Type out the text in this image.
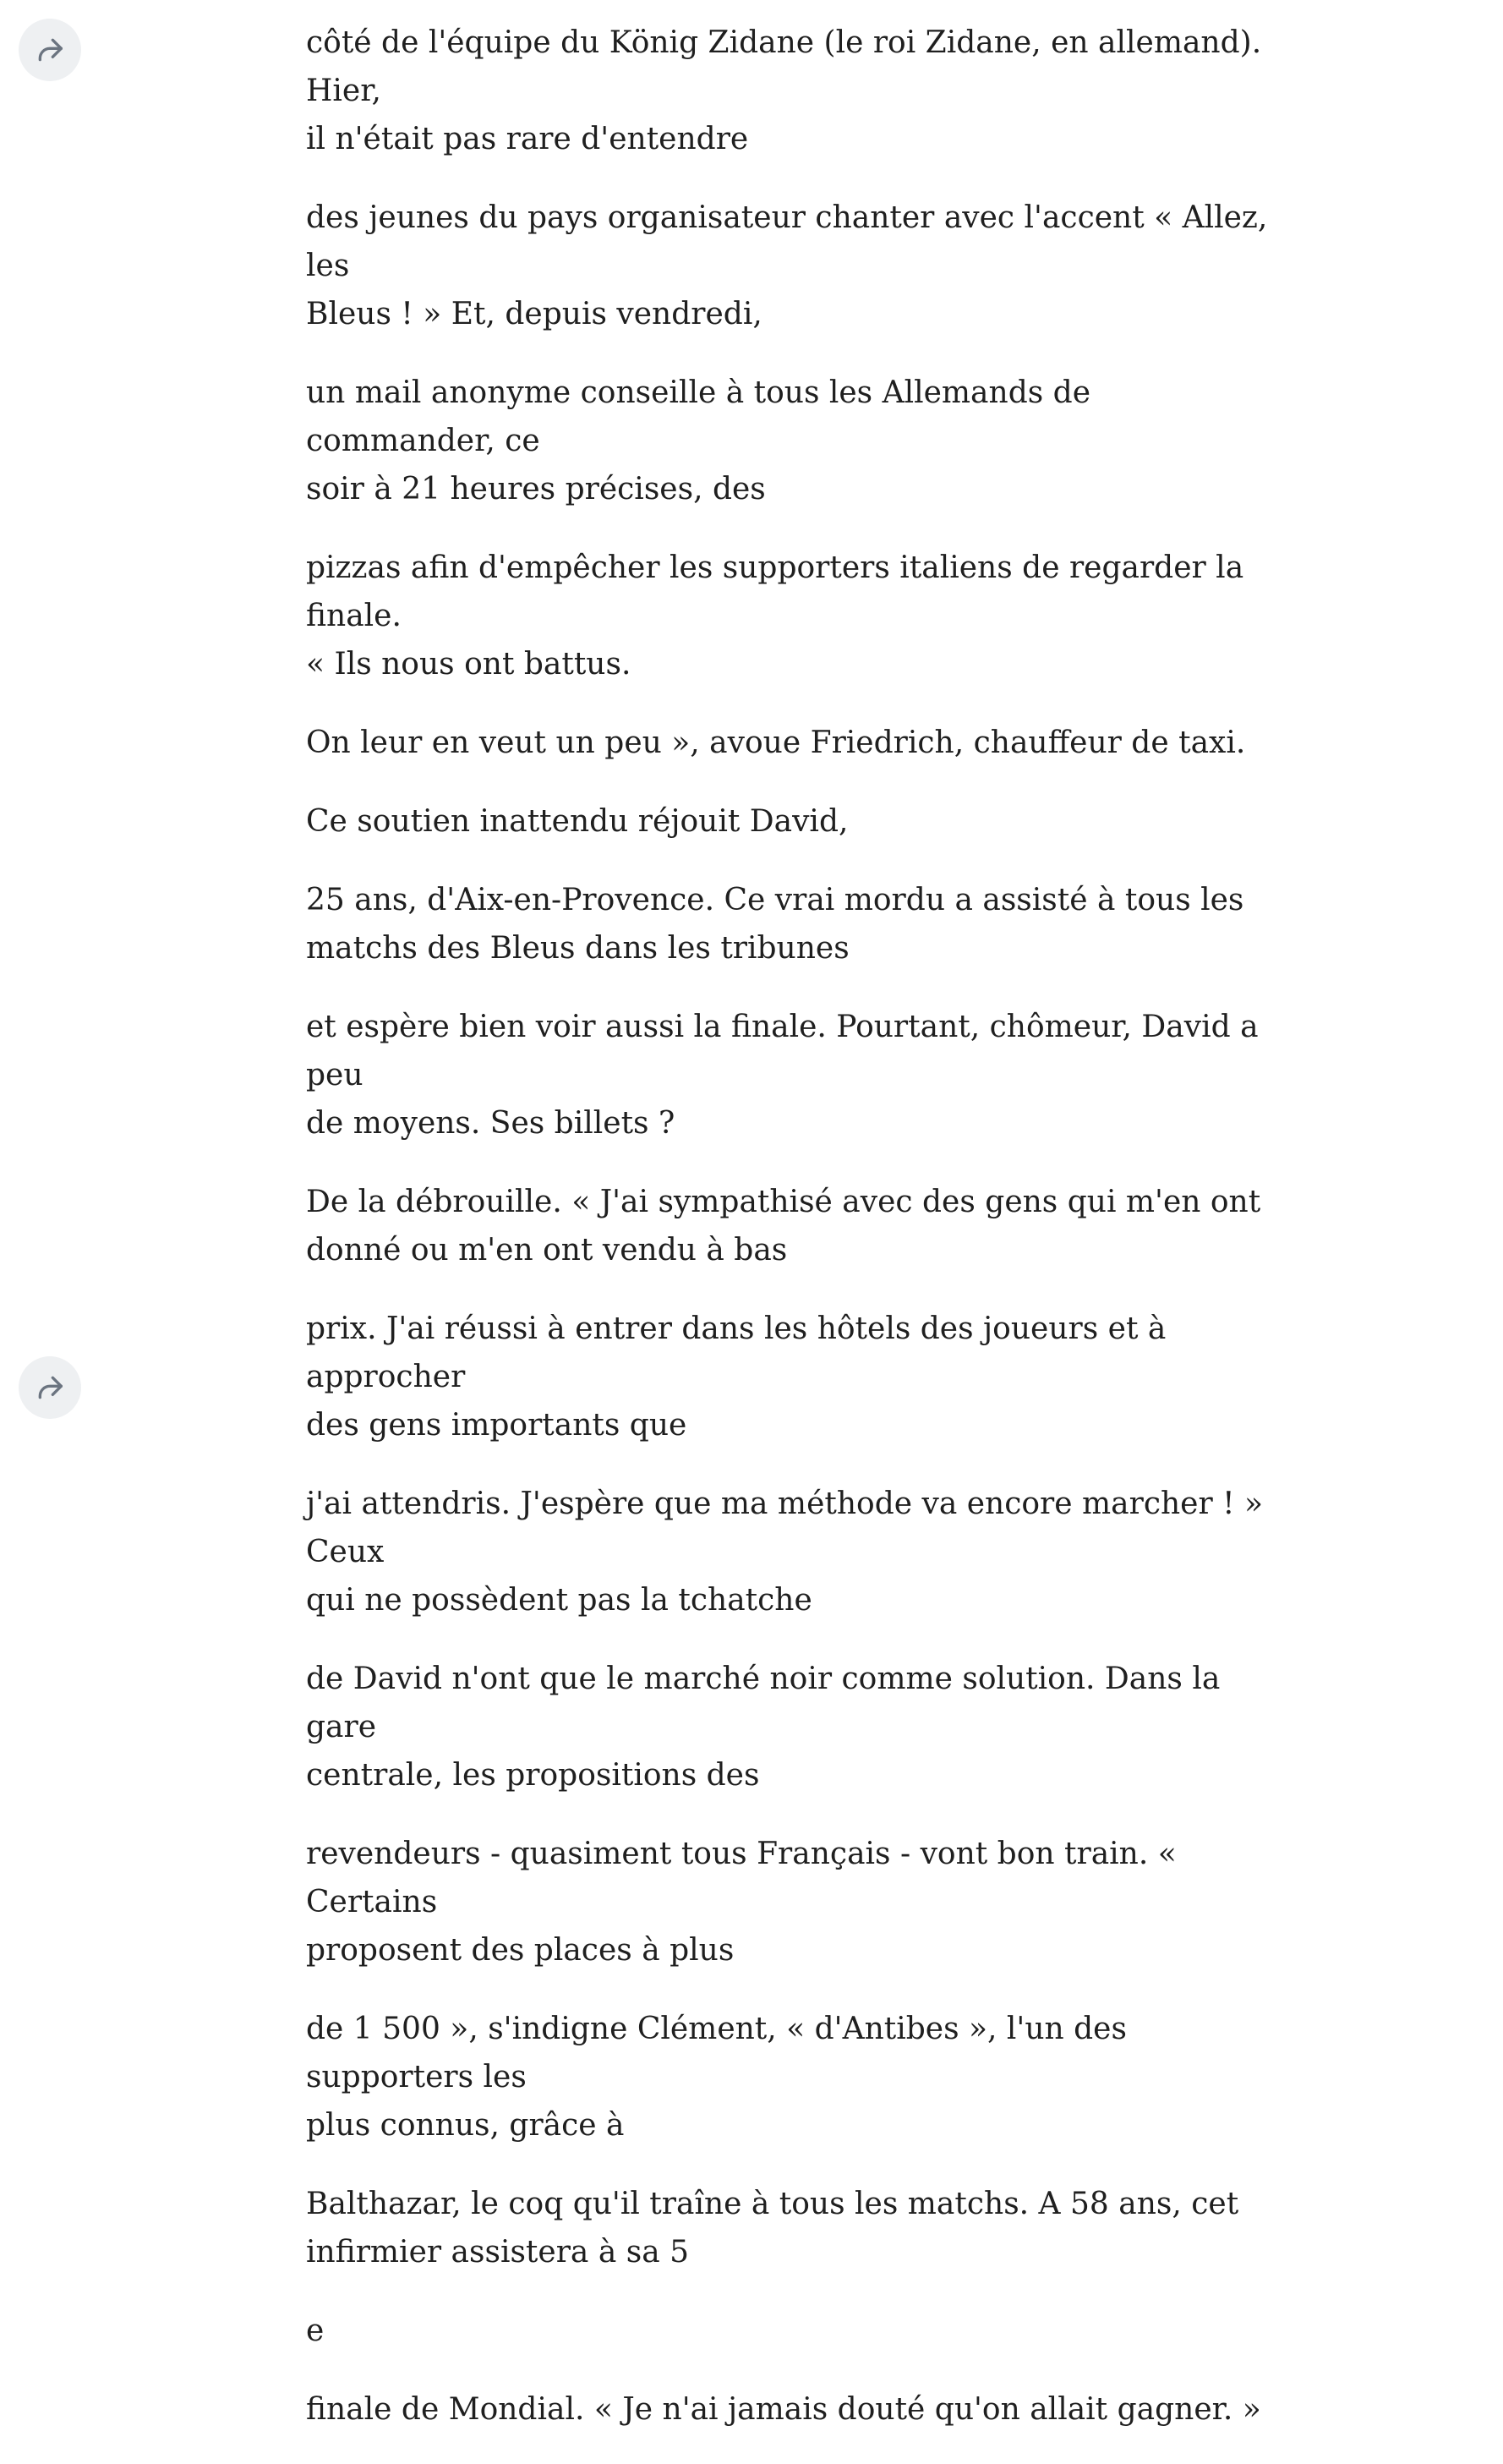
côté de l'équipe du König Zidane (le roi Zidane, en allemand). Hier,
il n'était pas rare d'entendre

des jeunes du pays organisateur chanter avec l'accent « Allez, les
Bleus ! » Et, depuis vendredi,

un mail anonyme conseille à tous les Allemands de commander, ce
soir à 21 heures précises, des

pizzas afin d'empêcher les supporters italiens de regarder la finale.
« Ils nous ont battus.

On leur en veut un peu », avoue Friedrich, chauffeur de taxi.

Ce soutien inattendu réjouit David,

25 ans, d'Aix-en-Provence. Ce vrai mordu a assisté à tous les
matchs des Bleus dans les tribunes

et espère bien voir aussi la finale. Pourtant, chômeur, David a peu
de moyens. Ses billets ?

De la débrouille. « J'ai sympathisé avec des gens qui m'en ont
donné ou m'en ont vendu à bas

prix. J'ai réussi à entrer dans les hôtels des joueurs et à approcher
des gens importants que

j'ai attendris. J'espère que ma méthode va encore marcher ! » Ceux
qui ne possèdent pas la tchatche

de David n'ont que le marché noir comme solution. Dans la gare
centrale, les propositions des

revendeurs - quasiment tous Français - vont bon train. « Certains
proposent des places à plus

de 1 500 », s'indigne Clément, « d'Antibes », l'un des supporters les
plus connus, grâce à

Balthazar, le coq qu'il traîne à tous les matchs. A 58 ans, cet
infirmier assistera à sa 5

e

finale de Mondial. « Je n'ai jamais douté qu'on allait gagner. »
